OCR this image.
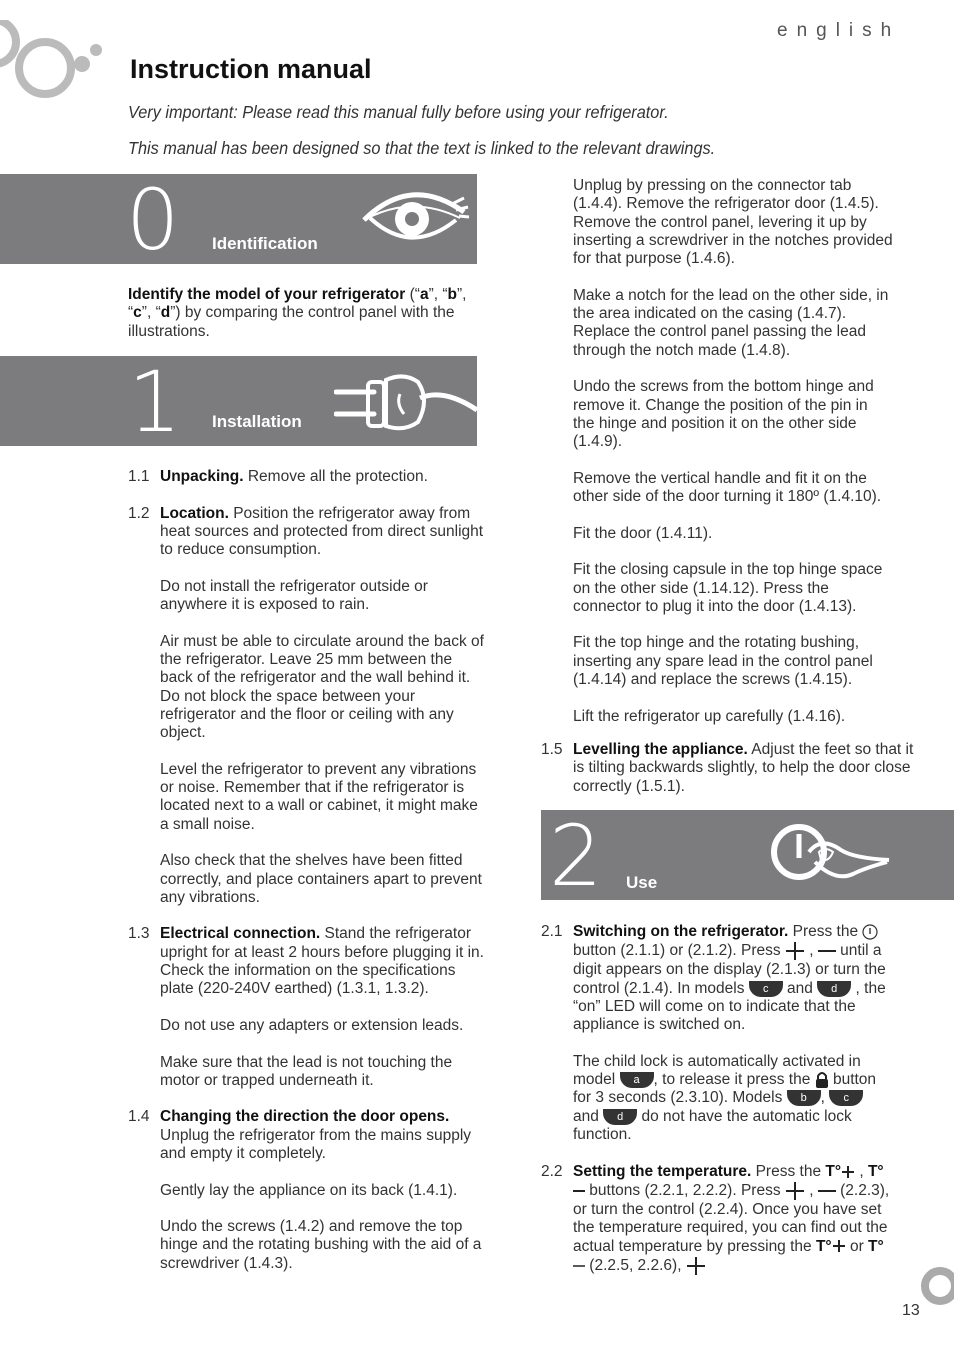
english
Instruction manual
Very important: Please read this manual fully before using your refrigerator.
This manual has been designed so that the text is linked to the relevant drawings.
0 Identification
Identify the model of your refrigerator (“a”, “b”, “c”, “d”) by comparing the control panel with the illustrations.
1 Installation
1.1 Unpacking. Remove all the protection.
1.2 Location. Position the refrigerator away from heat sources and protected from direct sunlight to reduce consumption.
Do not install the refrigerator outside or anywhere it is exposed to rain.
Air must be able to circulate around the back of the refrigerator. Leave 25 mm between the back of the refrigerator and the wall behind it. Do not block the space between your refrigerator and the floor or ceiling with any object.
Level the refrigerator to prevent any vibrations or noise. Remember that if the refrigerator is located next to a wall or cabinet, it might make a small noise.
Also check that the shelves have been fitted correctly, and place containers apart to prevent any vibrations.
1.3 Electrical connection. Stand the refrigerator upright for at least 2 hours before plugging it in. Check the information on the specifications plate (220-240V earthed) (1.3.1, 1.3.2).
Do not use any adapters or extension leads.
Make sure that the lead is not touching the motor or trapped underneath it.
1.4 Changing the direction the door opens. Unplug the refrigerator from the mains supply and empty it completely.
Gently lay the appliance on its back (1.4.1).
Undo the screws (1.4.2) and remove the top hinge and the rotating bushing with the aid of a screwdriver (1.4.3).
Unplug by pressing on the connector tab (1.4.4). Remove the refrigerator door (1.4.5). Remove the control panel, levering it up by inserting a screwdriver in the notches provided for that purpose (1.4.6).
Make a notch for the lead on the other side, in the area indicated on the casing (1.4.7). Replace the control panel passing the lead through the notch made (1.4.8).
Undo the screws from the bottom hinge and remove it. Change the position of the pin in the hinge and position it on the other side (1.4.9).
Remove the vertical handle and fit it on the other side of the door turning it 180º (1.4.10).
Fit the door (1.4.11).
Fit the closing capsule in the top hinge space on the other side (1.14.12). Press the connector to plug it into the door (1.4.13).
Fit the top hinge and the rotating bushing, inserting any spare lead in the control panel (1.4.14) and replace the screws (1.4.15).
Lift the refrigerator up carefully (1.4.16).
1.5 Levelling the appliance. Adjust the feet so that it is tilting backwards slightly, to help the door close correctly (1.5.1).
2 Use
2.1 Switching on the refrigerator. Press the  button (2.1.1) or (2.1.2). Press  ,  until a digit appears on the display (2.1.3) or turn the control (2.1.4). In models c and d , the “on” LED will come on to indicate that the appliance is switched on.
The child lock is automatically activated in model a , to release it press the  button for 3 seconds (2.3.10). Models b , c and d do not have the automatic lock function.
2.2 Setting the temperature. Press the T° , T° buttons (2.2.1, 2.2.2). Press  ,  (2.2.3), or turn the control (2.2.4). Once you have set the temperature required, you can find out the actual temperature by pressing the T° or T° (2.2.5, 2.2.6),
13
